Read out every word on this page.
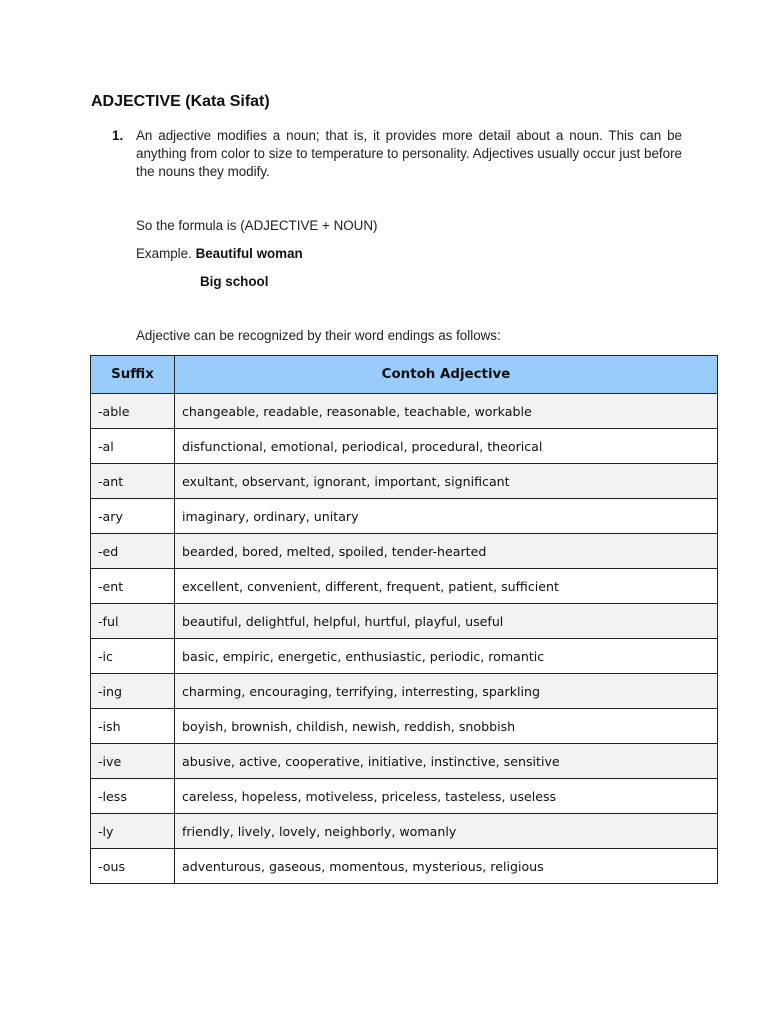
ADJECTIVE (Kata Sifat)
1. An adjective modifies a noun; that is, it provides more detail about a noun. This can be anything from color to size to temperature to personality. Adjectives usually occur just before the nouns they modify.
So the formula is (ADJECTIVE + NOUN)
Example. Beautiful woman
Big school
Adjective can be recognized by their word endings as follows:
Suffix	Contoh Adjective
-able	changeable, readable, reasonable, teachable, workable
-al	disfunctional, emotional, periodical, procedural, theorical
-ant	exultant, observant, ignorant, important, significant
-ary	imaginary, ordinary, unitary
-ed	bearded, bored, melted, spoiled, tender-hearted
-ent	excellent, convenient, different, frequent, patient, sufficient
-ful	beautiful, delightful, helpful, hurtful, playful, useful
-ic	basic, empiric, energetic, enthusiastic, periodic, romantic
-ing	charming, encouraging, terrifying, interresting, sparkling
-ish	boyish, brownish, childish, newish, reddish, snobbish
-ive	abusive, active, cooperative, initiative, instinctive, sensitive
-less	careless, hopeless, motiveless, priceless, tasteless, useless
-ly	friendly, lively, lovely, neighborly, womanly
-ous	adventurous, gaseous, momentous, mysterious, religious
